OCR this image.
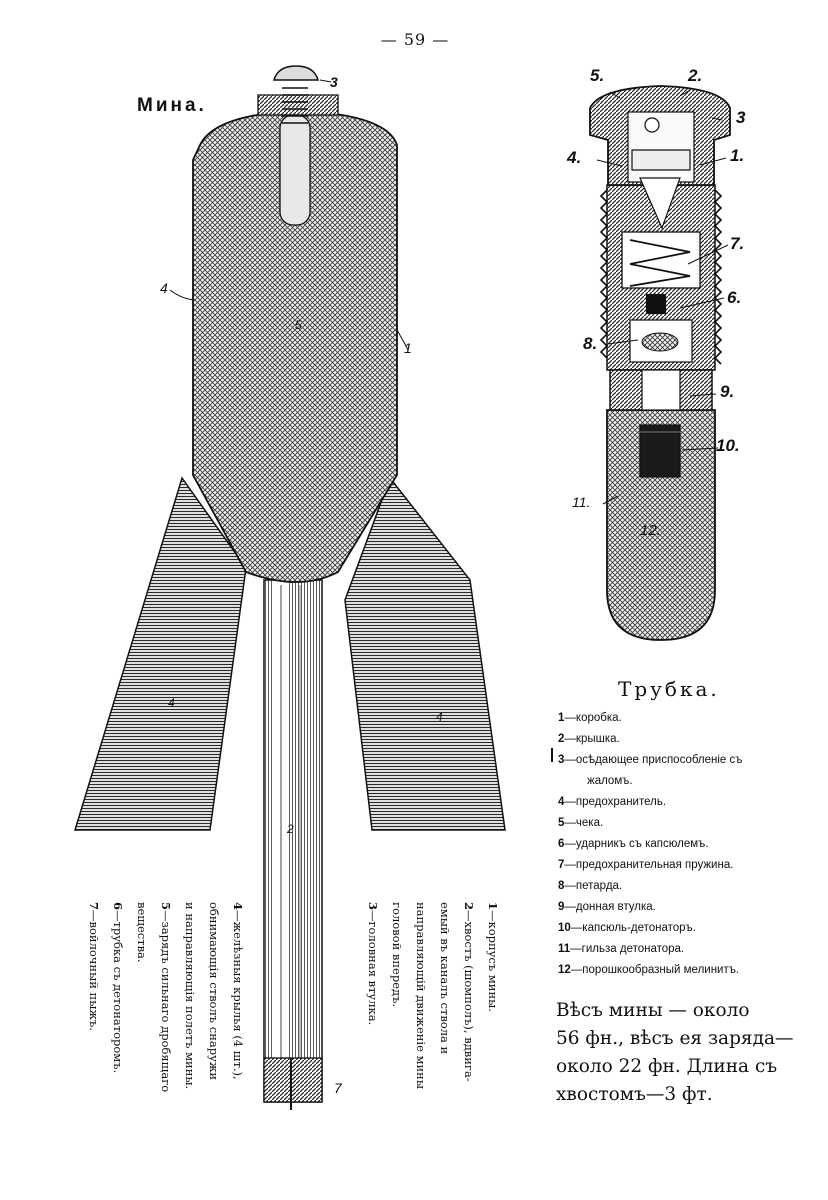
— 59 —
Мина.
3
4
1
5
2
4
4
7
5.	2.
3
4.	1.
7.
6.
8.
9.
10.
11.
12.
Трубка.
1—коробка.
2—крышка.
3—осѣдающее приспособленіе съ
жаломъ.
4—предохранитель.
5—чека.
6—ударникъ съ капсюлемъ.
7—предохранительная пружина.
8—петарда.
9—донная втулка.
10—капсюль-детонаторъ.
11—гильза детонатора.
12—порошкообразный мелинитъ.
Вѣсъ мины — около
56 фн., вѣсъ ея заряда—
около 22 фн. Длина съ
хвостомъ—3 фт.
1—корпусъ мины.
2—хвостъ (шомполъ), вдвига-
емый въ каналъ ствола и
направляющій движеніе мины
головой впередъ.
3—головная втулка.
4—желѣзныя крылья (4 шт.),
обнимающія стволъ снаружи
и направляющія полетъ мины.
5—зарядъ сильнаго дробящаго
вещества.
6—трубка съ детонаторомъ.
7—войлочный пыжъ.
